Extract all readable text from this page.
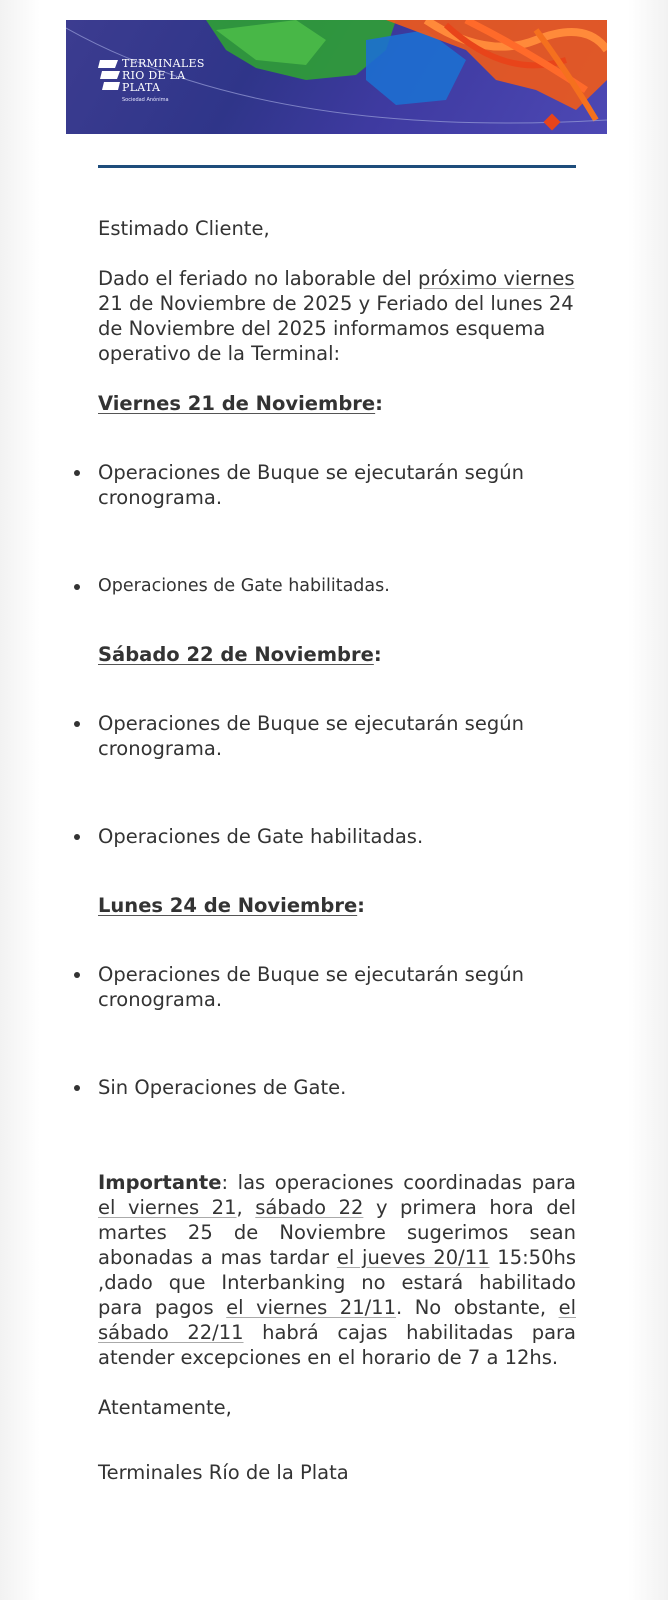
TERMINALES
RIO DE LA
PLATA
Sociedad Anónima

Estimado Cliente,

Dado el feriado no laborable del próximo viernes 21 de Noviembre de 2025 y Feriado del lunes 24 de Noviembre del 2025 informamos esquema operativo de la Terminal:

Viernes 21 de Noviembre:

Operaciones de Buque se ejecutarán según cronograma.

Operaciones de Gate habilitadas.

Sábado 22 de Noviembre:

Operaciones de Buque se ejecutarán según cronograma.

Operaciones de Gate habilitadas.

Lunes 24 de Noviembre:

Operaciones de Buque se ejecutarán según cronograma.

Sin Operaciones de Gate.

Importante: las operaciones coordinadas para el viernes 21, sábado 22 y primera hora del martes 25 de Noviembre sugerimos sean abonadas a mas tardar el jueves 20/11 15:50hs ,dado que Interbanking no estará habilitado para pagos el viernes 21/11. No obstante, el sábado 22/11 habrá cajas habilitadas para atender excepciones en el horario de 7 a 12hs.

Atentamente,

Terminales Río de la Plata
